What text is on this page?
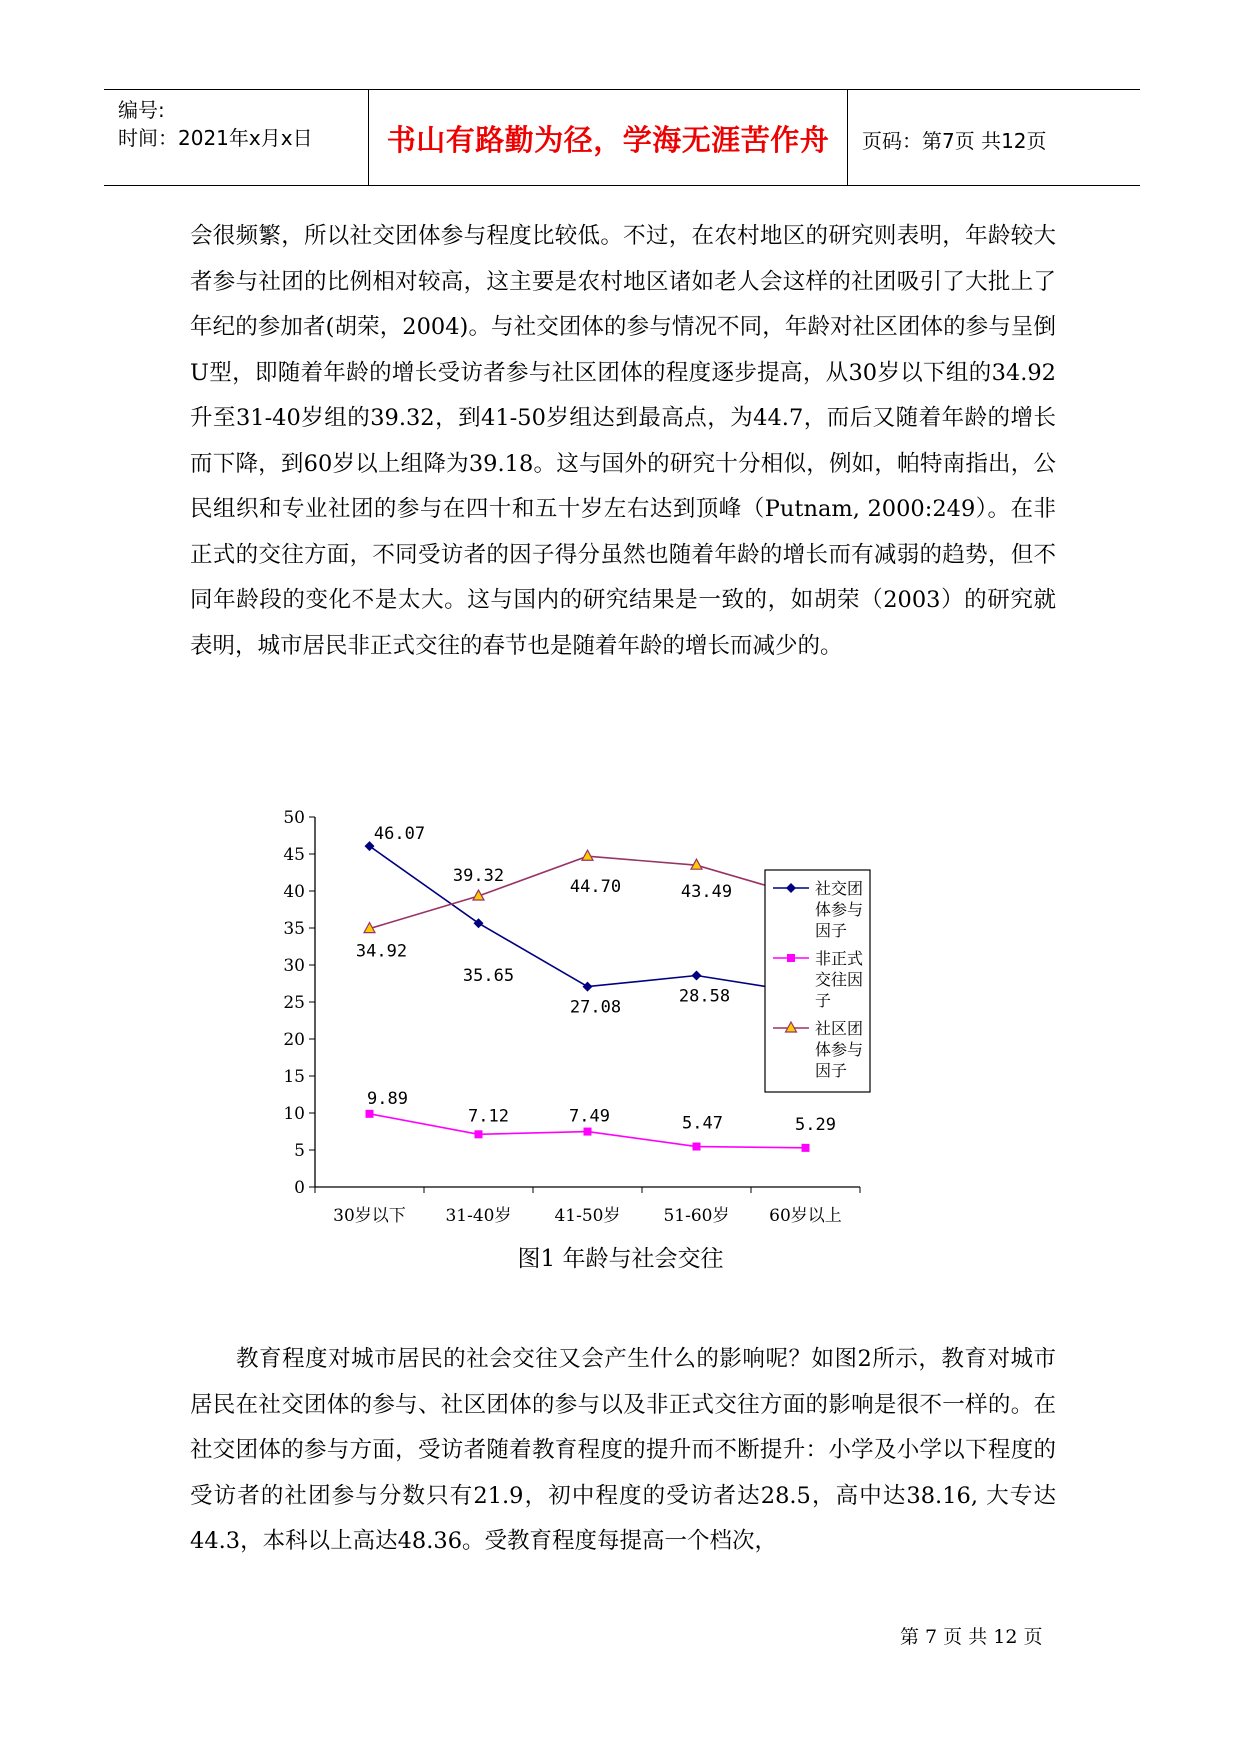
编号:
时间：2021年x月x日	书山有路勤为径，学海无涯苦作舟	页码：第7页 共12页

会很频繁，所以社交团体参与程度比较低。不过，在农村地区的研究则表明，年龄较大者参与社团的比例相对较高，这主要是农村地区诸如老人会这样的社团吸引了大批上了年纪的参加者(胡荣，2004)。与社交团体的参与情况不同，年龄对社区团体的参与呈倒U型，即随着年龄的增长受访者参与社区团体的程度逐步提高，从30岁以下组的34.92升至31-40岁组的39.32，到41-50岁组达到最高点，为44.7，而后又随着年龄的增长而下降，到60岁以上组降为39.18。这与国外的研究十分相似，例如，帕特南指出，公民组织和专业社团的参与在四十和五十岁左右达到顶峰（Putnam, 2000:249）。在非正式的交往方面，不同受访者的因子得分虽然也随着年龄的增长而有减弱的趋势，但不同年龄段的变化不是太大。这与国内的研究结果是一致的，如胡荣（2003）的研究就表明，城市居民非正式交往的春节也是随着年龄的增长而减少的。

0
5
10
15
20
25
30
35
40
45
50
30岁以下 31-40岁	41-50岁	51-60岁 60岁以上
46.07
35.65
27.08
28.58
9.89
7.12	7.49	5.47	5.29
34.92
39.32
44.70	43.49	社交团
体参与
因子
非正式
交往因
子
社区团
体参与
因子
图1 年龄与社会交往

教育程度对城市居民的社会交往又会产生什么的影响呢？如图2所示，教育对城市居民在社交团体的参与、社区团体的参与以及非正式交往方面的影响是很不一样的。在社交团体的参与方面，受访者随着教育程度的提升而不断提升：小学及小学以下程度的受访者的社团参与分数只有21.9，初中程度的受访者达28.5，高中达38.16, 大专达44.3，本科以上高达48.36。受教育程度每提高一个档次，

第 7 页 共 12 页
